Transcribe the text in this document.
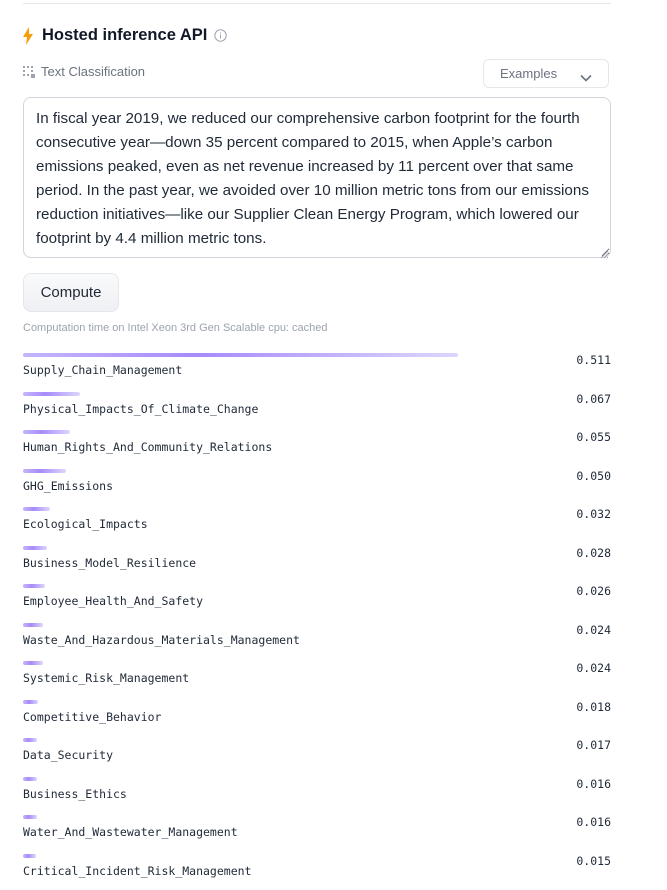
Hosted inference API
Text Classification	Examples
In fiscal year 2019, we reduced our comprehensive carbon footprint for the fourth consecutive year—down 35 percent compared to 2015, when Apple’s carbon emissions peaked, even as net revenue increased by 11 percent over that same period. In the past year, we avoided over 10 million metric tons from our emissions reduction initiatives—like our Supplier Clean Energy Program, which lowered our footprint by 4.4 million metric tons.
Compute
Computation time on Intel Xeon 3rd Gen Scalable cpu: cached
Supply_Chain_Management
0.511
Physical_Impacts_Of_Climate_Change
0.067
Human_Rights_And_Community_Relations
0.055
GHG_Emissions
0.050
Ecological_Impacts
0.032
Business_Model_Resilience
0.028
Employee_Health_And_Safety
0.026
Waste_And_Hazardous_Materials_Management
0.024
Systemic_Risk_Management
0.024
Competitive_Behavior
0.018
Data_Security
0.017
Business_Ethics
0.016
Water_And_Wastewater_Management
0.016
Critical_Incident_Risk_Management
0.015
